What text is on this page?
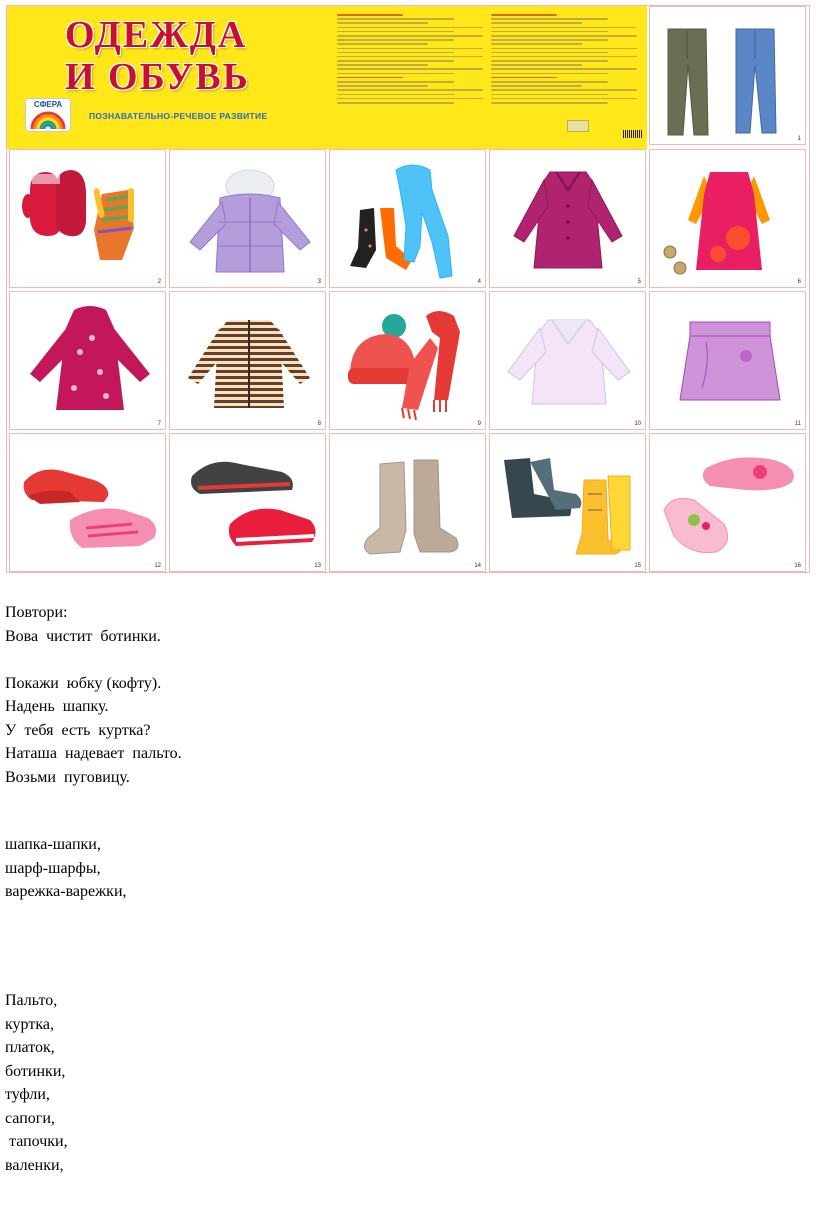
ОДЕЖДА
И ОБУВЬ
СФЕРА
ПОЗНАВАТЕЛЬНО-РЕЧЕВОЕ РАЗВИТИЕ
1
2	3	4	5	6
7	8	9	10	11
12	13	14	15	16
Повтори:
Вова  чистит  ботинки.
Покажи  юбку (кофту).
Надень  шапку.
У  тебя  есть  куртка?
Наташа  надевает  пальто.
Возьми  пуговицу.
шапка-шапки,
шарф-шарфы,
варежка-варежки,
Пальто,
куртка,
платок,
ботинки,
туфли,
сапоги,
тапочки,
валенки,
